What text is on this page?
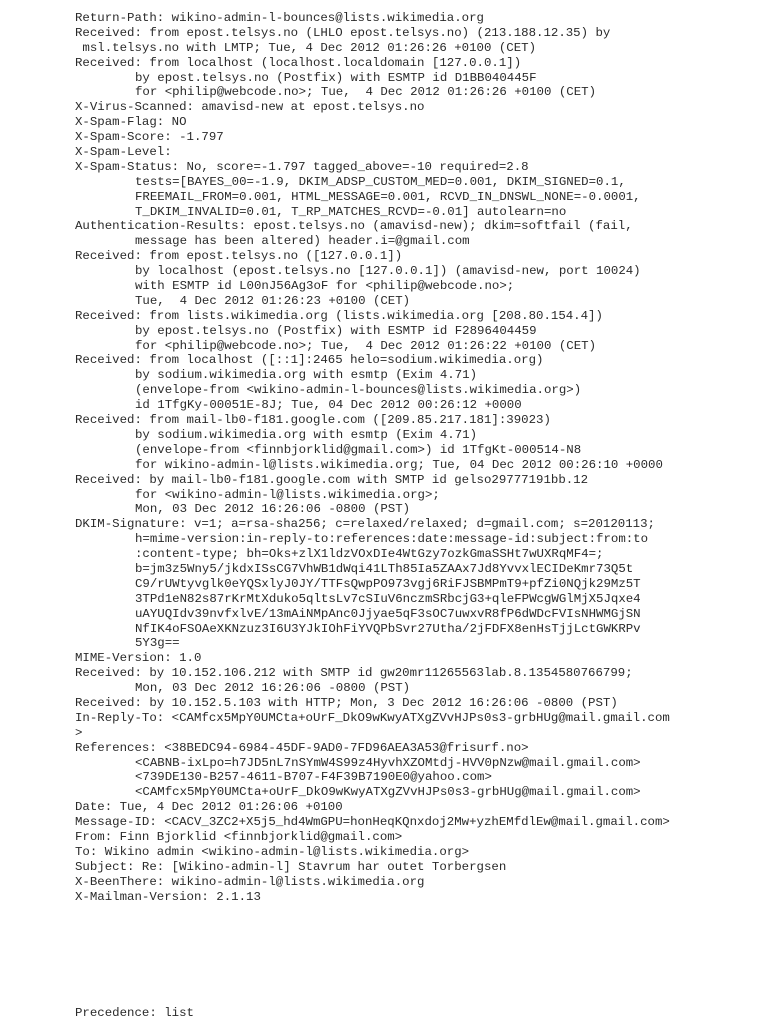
Return-Path: wikino-admin-l-bounces@lists.wikimedia.org
Received: from epost.telsys.no (LHLO epost.telsys.no) (213.188.12.35) by
msl.telsys.no with LMTP; Tue, 4 Dec 2012 01:26:26 +0100 (CET)
Received: from localhost (localhost.localdomain [127.0.0.1])
by epost.telsys.no (Postfix) with ESMTP id D1BB040445F
for <philip@webcode.no>; Tue,  4 Dec 2012 01:26:26 +0100 (CET)
X-Virus-Scanned: amavisd-new at epost.telsys.no
X-Spam-Flag: NO
X-Spam-Score: -1.797
X-Spam-Level:
X-Spam-Status: No, score=-1.797 tagged_above=-10 required=2.8
tests=[BAYES_00=-1.9, DKIM_ADSP_CUSTOM_MED=0.001, DKIM_SIGNED=0.1,
FREEMAIL_FROM=0.001, HTML_MESSAGE=0.001, RCVD_IN_DNSWL_NONE=-0.0001,
T_DKIM_INVALID=0.01, T_RP_MATCHES_RCVD=-0.01] autolearn=no
Authentication-Results: epost.telsys.no (amavisd-new); dkim=softfail (fail,
message has been altered) header.i=@gmail.com
Received: from epost.telsys.no ([127.0.0.1])
by localhost (epost.telsys.no [127.0.0.1]) (amavisd-new, port 10024)
with ESMTP id L00nJ56Ag3oF for <philip@webcode.no>;
Tue,  4 Dec 2012 01:26:23 +0100 (CET)
Received: from lists.wikimedia.org (lists.wikimedia.org [208.80.154.4])
by epost.telsys.no (Postfix) with ESMTP id F2896404459
for <philip@webcode.no>; Tue,  4 Dec 2012 01:26:22 +0100 (CET)
Received: from localhost ([::1]:2465 helo=sodium.wikimedia.org)
by sodium.wikimedia.org with esmtp (Exim 4.71)
(envelope-from <wikino-admin-l-bounces@lists.wikimedia.org>)
id 1TfgKy-00051E-8J; Tue, 04 Dec 2012 00:26:12 +0000
Received: from mail-lb0-f181.google.com ([209.85.217.181]:39023)
by sodium.wikimedia.org with esmtp (Exim 4.71)
(envelope-from <finnbjorklid@gmail.com>) id 1TfgKt-000514-N8
for wikino-admin-l@lists.wikimedia.org; Tue, 04 Dec 2012 00:26:10 +0000
Received: by mail-lb0-f181.google.com with SMTP id gelso29777191bb.12
for <wikino-admin-l@lists.wikimedia.org>;
Mon, 03 Dec 2012 16:26:06 -0800 (PST)
DKIM-Signature: v=1; a=rsa-sha256; c=relaxed/relaxed; d=gmail.com; s=20120113;
h=mime-version:in-reply-to:references:date:message-id:subject:from:to
:content-type; bh=Oks+zlX1ldzVOxDIe4WtGzy7ozkGmaSSHt7wUXRqMF4=;
b=jm3z5Wny5/jkdxISsCG7VhWB1dWqi41LTh85Ia5ZAAx7Jd8YvvxlECIDeKmr73Q5t
C9/rUWtyvglk0eYQSxlyJ0JY/TTFsQwpPO973vgj6RiFJSBMPmT9+pfZi0NQjk29Mz5T
3TPd1eN82s87rKrMtXduko5qltsLv7cSIuV6nczmSRbcjG3+qleFPWcgWGlMjX5Jqxe4
uAYUQIdv39nvfxlvE/13mAiNMpAnc0Jjyae5qF3sOC7uwxvR8fP6dWDcFVIsNHWMGjSN
NfIK4oFSOAeXKNzuz3I6U3YJkIOhFiYVQPbSvr27Utha/2jFDFX8enHsTjjLctGWKRPv
5Y3g==
MIME-Version: 1.0
Received: by 10.152.106.212 with SMTP id gw20mr11265563lab.8.1354580766799;
Mon, 03 Dec 2012 16:26:06 -0800 (PST)
Received: by 10.152.5.103 with HTTP; Mon, 3 Dec 2012 16:26:06 -0800 (PST)
In-Reply-To: <CAMfcx5MpY0UMCta+oUrF_DkO9wKwyATXgZVvHJPs0s3-grbHUg@mail.gmail.com
>
References: <38BEDC94-6984-45DF-9AD0-7FD96AEA3A53@frisurf.no>
<CABNB-ixLpo=h7JD5nL7nSYmW4S99z4HyvhXZOMtdj-HVV0pNzw@mail.gmail.com>
<739DE130-B257-4611-B707-F4F39B7190E0@yahoo.com>
<CAMfcx5MpY0UMCta+oUrF_DkO9wKwyATXgZVvHJPs0s3-grbHUg@mail.gmail.com>
Date: Tue, 4 Dec 2012 01:26:06 +0100
Message-ID: <CACV_3ZC2+X5j5_hd4WmGPU=honHeqKQnxdoj2Mw+yzhEMfdlEw@mail.gmail.com>
From: Finn Bjorklid <finnbjorklid@gmail.com>
To: Wikino admin <wikino-admin-l@lists.wikimedia.org>
Subject: Re: [Wikino-admin-l] Stavrum har outet Torbergsen
X-BeenThere: wikino-admin-l@lists.wikimedia.org
X-Mailman-Version: 2.1.13
Precedence: list
